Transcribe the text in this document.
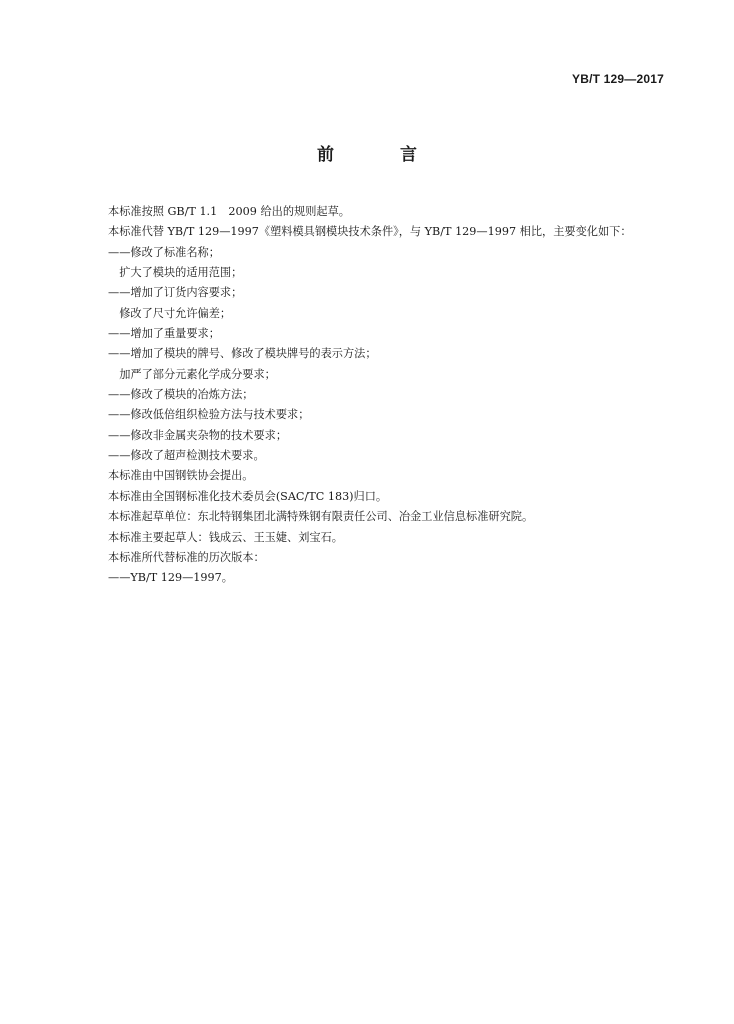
YB/T 129—2017
前 言
本标准按照 GB/T 1.1　2009 给出的规则起草。
本标准代替 YB/T 129—1997《塑料模具钢模块技术条件》，与 YB/T 129—1997 相比，主要变化如下：
——修改了标准名称；
　扩大了模块的适用范围；
——增加了订货内容要求；
　修改了尺寸允许偏差；
——增加了重量要求；
——增加了模块的牌号、修改了模块牌号的表示方法；
　加严了部分元素化学成分要求；
——修改了模块的冶炼方法；
——修改低倍组织检验方法与技术要求；
——修改非金属夹杂物的技术要求；
——修改了超声检测技术要求。
本标准由中国钢铁协会提出。
本标准由全国钢标准化技术委员会(SAC/TC 183)归口。
本标准起草单位：东北特钢集团北满特殊钢有限责任公司、冶金工业信息标准研究院。
本标准主要起草人：钱成云、王玉婕、刘宝石。
本标准所代替标准的历次版本：
——YB/T 129—1997。
